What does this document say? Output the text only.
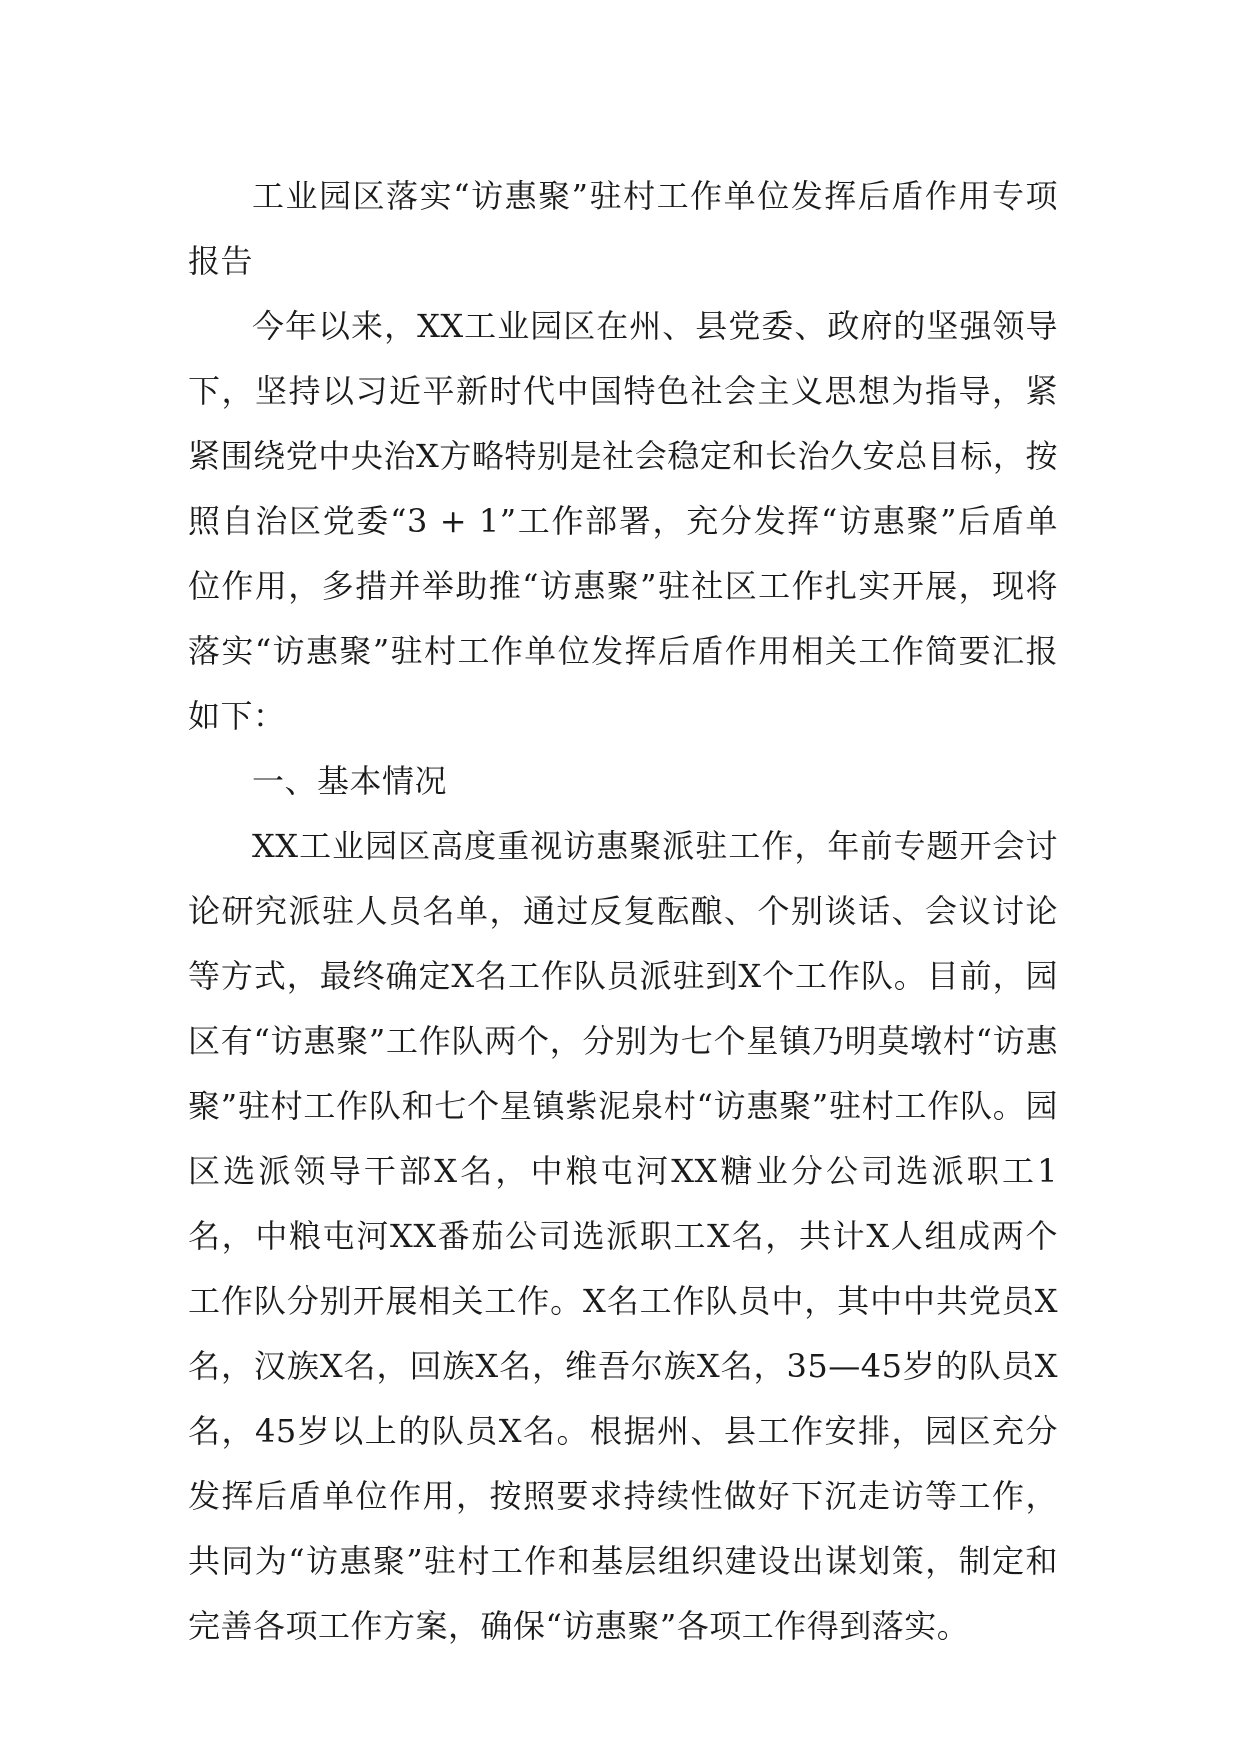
工业园区落实“访惠聚”驻村工作单位发挥后盾作用专项报告

今年以来，XX工业园区在州、县党委、政府的坚强领导下，坚持以习近平新时代中国特色社会主义思想为指导，紧紧围绕党中央治X方略特别是社会稳定和长治久安总目标，按照自治区党委“3 + 1”工作部署，充分发挥“访惠聚”后盾单位作用，多措并举助推“访惠聚”驻社区工作扎实开展，现将落实“访惠聚”驻村工作单位发挥后盾作用相关工作简要汇报如下：

一、基本情况

XX工业园区高度重视访惠聚派驻工作，年前专题开会讨论研究派驻人员名单，通过反复酝酿、个别谈话、会议讨论等方式，最终确定X名工作队员派驻到X个工作队。目前，园区有“访惠聚”工作队两个，分别为七个星镇乃明莫墩村“访惠聚”驻村工作队和七个星镇紫泥泉村“访惠聚”驻村工作队。园区选派领导干部X名，中粮屯河XX糖业分公司选派职工1名，中粮屯河XX番茄公司选派职工X名，共计X人组成两个工作队分别开展相关工作。X名工作队员中，其中中共党员X名，汉族X名，回族X名，维吾尔族X名，35—45岁的队员X名，45岁以上的队员X名。根据州、县工作安排，园区充分发挥后盾单位作用，按照要求持续性做好下沉走访等工作，共同为“访惠聚”驻村工作和基层组织建设出谋划策，制定和完善各项工作方案，确保“访惠聚”各项工作得到落实。
